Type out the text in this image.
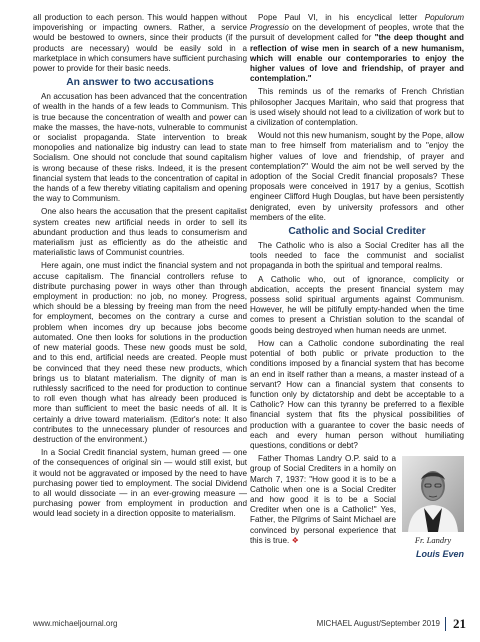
all production to each person. This would happen without impoverishing or impacting owners. Rather, a service would be bestowed to owners, since their products (if the products are necessary) would be easily sold in a marketplace in which consumers have sufficient purchasing power to provide for their basic needs.

An answer to two accusations

An accusation has been advanced that the concentration of wealth in the hands of a few leads to Communism. This is true because the concentration of wealth and power can make the masses, the have-nots, vulnerable to communist or socialist propaganda. State intervention to break monopolies and nationalize big industry can lead to state Socialism. One should not conclude that sound capitalism is wrong because of these risks. Indeed, it is the present financial system that leads to the concentration of capital in the hands of a few thereby vitiating capitalism and opening the way to Communism.

One also hears the accusation that the present capitalist system creates new artificial needs in order to sell its abundant production and thus leads to consumerism and materialism just as efficiently as do the atheistic and materialistic laws of Communist countries.

Here again, one must indict the financial system and not accuse capitalism. The financial controllers refuse to distribute purchasing power in ways other than through employment in production: no job, no money. Progress, which should be a blessing by freeing man from the need for employment, becomes on the contrary a curse and problem when incomes dry up because jobs become automated. One then looks for solutions in the production of new material goods. These new goods must be sold, and to this end, artificial needs are created. People must be convinced that they need these new products, which brings us to blatant materialism. The dignity of man is ruthlessly sacrificed to the need for production to continue to roll even though what has already been produced is more than sufficient to meet the basic needs of all. It is certainly a drive toward materialism. (Editor's note: It also contributes to the unnecessary plunder of resources and destruction of the environment.)

In a Social Credit financial system, human greed — one of the consequences of original sin — would still exist, but it would not be aggravated or imposed by the need to have purchasing power tied to employment. The social Dividend to all would dissociate — in an ever-growing measure — purchasing power from employment in production and would lead society in a direction opposite to materialism.

Pope Paul VI, in his encyclical letter Populorum Progressio on the development of peoples, wrote that the pursuit of development called for "the deep thought and reflection of wise men in search of a new humanism, which will enable our contemporaries to enjoy the higher values of love and friendship, of prayer and contemplation."

This reminds us of the remarks of French Christian philosopher Jacques Maritain, who said that progress that is used wisely should not lead to a civilization of work but to a civilization of contemplation.

Would not this new humanism, sought by the Pope, allow man to free himself from materialism and to "enjoy the higher values of love and friendship, of prayer and contemplation?" Would the aim not be well served by the adoption of the Social Credit financial proposals? These proposals were conceived in 1917 by a genius, Scottish engineer Clifford Hugh Douglas, but have been persistently denigrated, even by university professors and other members of the elite.

Catholic and Social Crediter

The Catholic who is also a Social Crediter has all the tools needed to face the communist and socialist propaganda in both the spiritual and temporal realms.

A Catholic who, out of ignorance, complicity or abdication, accepts the present financial system may possess solid spiritual arguments against Communism. However, he will be pitifully empty-handed when the time comes to present a Christian solution to the scandal of goods being destroyed when human needs are unmet.

How can a Catholic condone subordinating the real potential of both public or private production to the conditions imposed by a financial system that has become an end in itself rather than a means, a master instead of a servant? How can a financial system that consents to function only by dictatorship and debt be acceptable to a Catholic? How can this tyranny be preferred to a flexible financial system that fits the physical possibilities of production with a guarantee to cover the basic needs of each and every human person without humiliating questions, conditions or debt?

Fr. Landry

Father Thomas Landry O.P. said to a group of Social Crediters in a homily on March 7, 1937: "How good it is to be a Catholic when one is a Social Crediter and how good it is to be a Social Crediter when one is a Catholic!" Yes, Father, the Pilgrims of Saint Michael are convinced by personal experience that this is true. ❖

Louis Even
www.michaeljournal.org	MICHAEL August/September 2019 21
